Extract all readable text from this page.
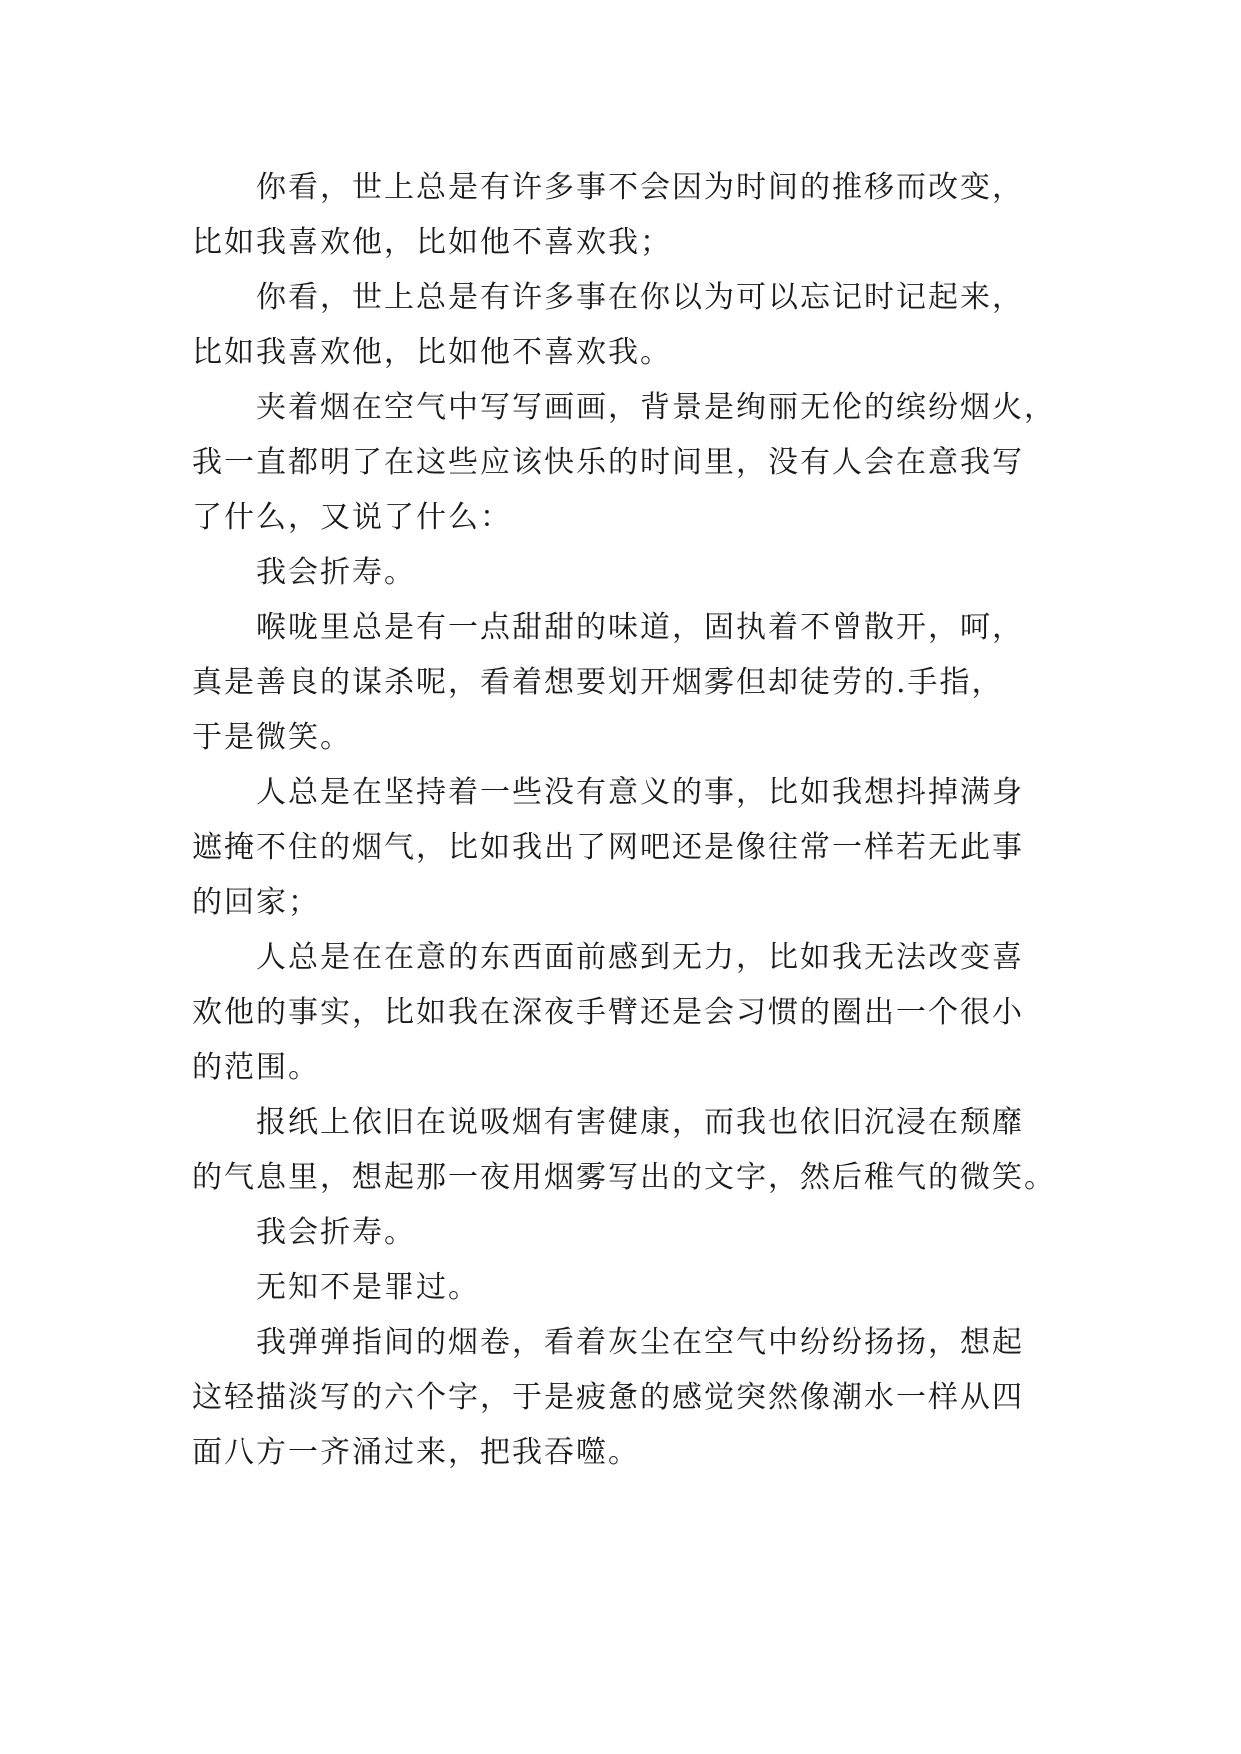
你看，世上总是有许多事不会因为时间的推移而改变，
比如我喜欢他，比如他不喜欢我；
你看，世上总是有许多事在你以为可以忘记时记起来，
比如我喜欢他，比如他不喜欢我。
夹着烟在空气中写写画画，背景是绚丽无伦的缤纷烟火，
我一直都明了在这些应该快乐的时间里，没有人会在意我写
了什么，又说了什么：
我会折寿。
喉咙里总是有一点甜甜的味道，固执着不曾散开，呵，
真是善良的谋杀呢，看着想要划开烟雾但却徒劳的.手指，
于是微笑。
人总是在坚持着一些没有意义的事，比如我想抖掉满身
遮掩不住的烟气，比如我出了网吧还是像往常一样若无此事
的回家；
人总是在在意的东西面前感到无力，比如我无法改变喜
欢他的事实，比如我在深夜手臂还是会习惯的圈出一个很小
的范围。
报纸上依旧在说吸烟有害健康，而我也依旧沉浸在颓靡
的气息里，想起那一夜用烟雾写出的文字，然后稚气的微笑。
我会折寿。
无知不是罪过。
我弹弹指间的烟卷，看着灰尘在空气中纷纷扬扬，想起
这轻描淡写的六个字，于是疲惫的感觉突然像潮水一样从四
面八方一齐涌过来，把我吞噬。
